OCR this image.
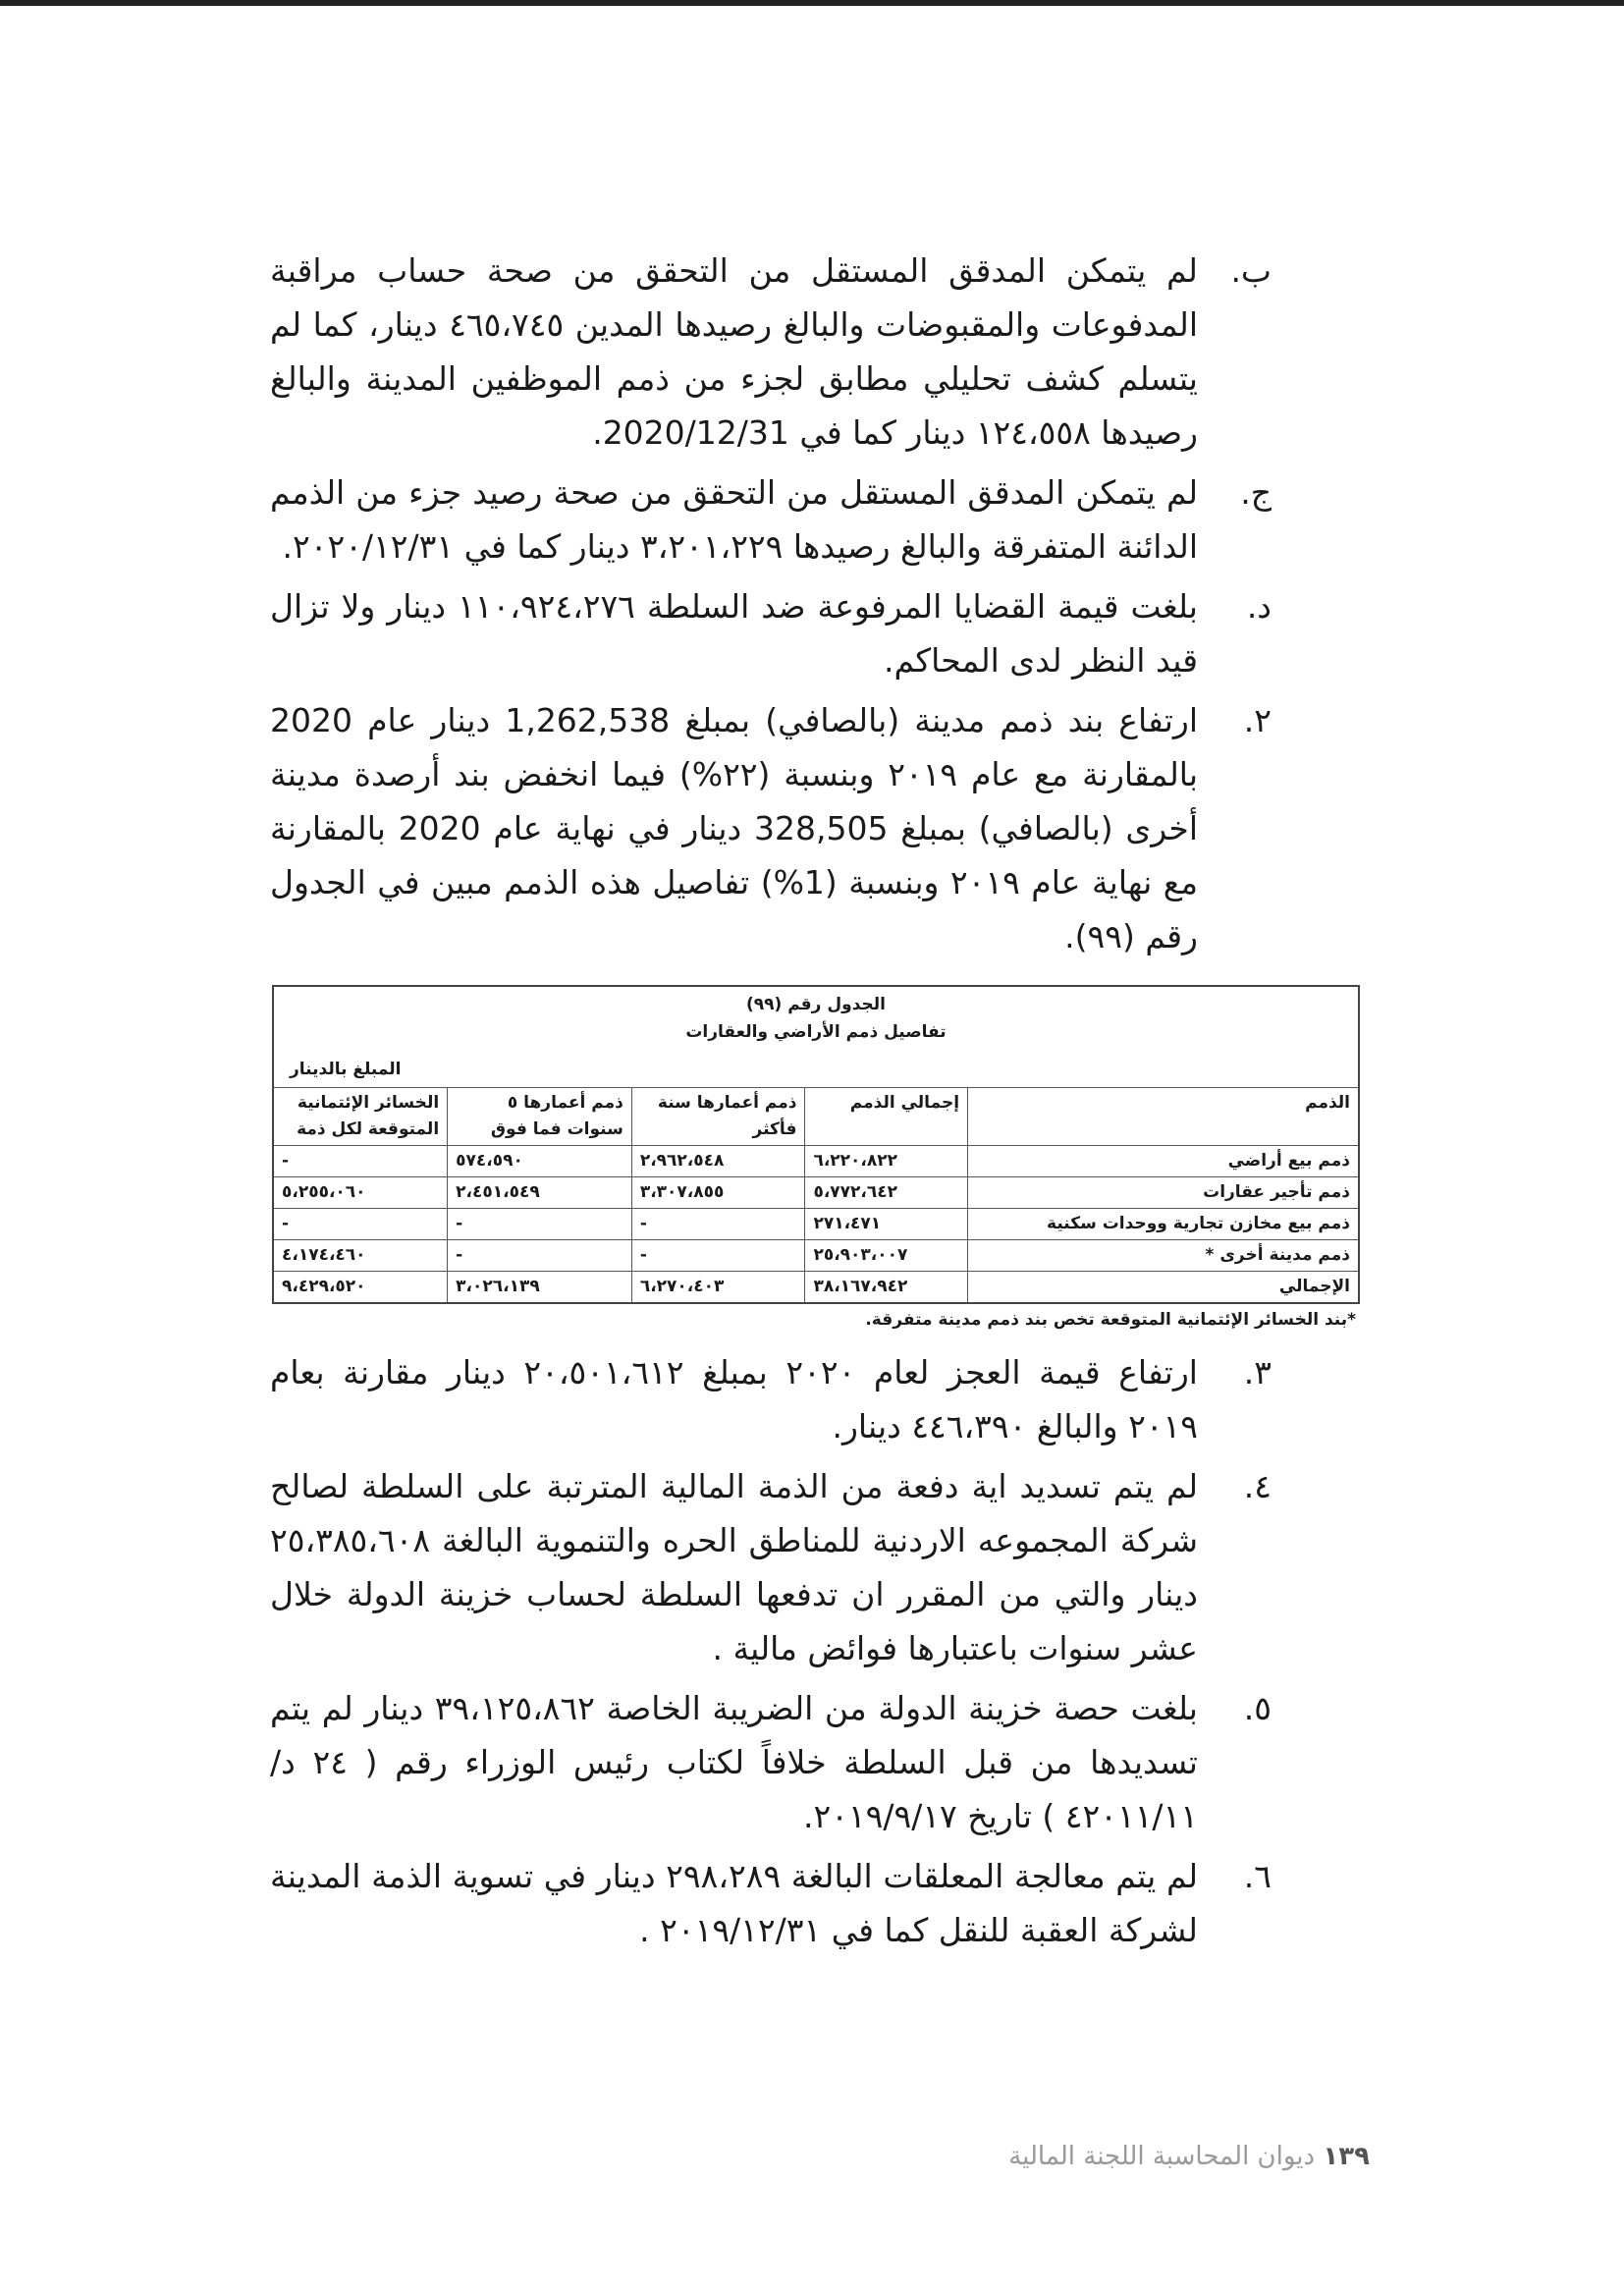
ب.
لم يتمكن المدقق المستقل من التحقق من صحة حساب مراقبة المدفوعات والمقبوضات والبالغ رصيدها المدين ٤٦٥،٧٤٥ دينار، كما لم يتسلم كشف تحليلي مطابق لجزء من ذمم الموظفين المدينة والبالغ رصيدها ١٢٤،٥٥٨ دينار كما في 2020/12/31.
ج.
لم يتمكن المدقق المستقل من التحقق من صحة رصيد جزء من الذمم الدائنة المتفرقة والبالغ رصيدها ٣،٢٠١،٢٢٩ دينار كما في ٢٠٢٠/١٢/٣١.
د.
بلغت قيمة القضايا المرفوعة ضد السلطة ١١٠،٩٢٤،٢٧٦ دينار ولا تزال قيد النظر لدى المحاكم.
٢.
ارتفاع بند ذمم مدينة (بالصافي) بمبلغ 1,262,538 دينار عام 2020 بالمقارنة مع عام ٢٠١٩ وبنسبة (٢٢%) فيما انخفض بند أرصدة مدينة أخرى (بالصافي) بمبلغ 328,505 دينار في نهاية عام 2020 بالمقارنة مع نهاية عام ٢٠١٩ وبنسبة (1%) تفاصيل هذه الذمم مبين في الجدول رقم (٩٩).
الجدول رقم (٩٩)
تفاصيل ذمم الأراضي والعقارات
المبلغ بالدينار
الذمم	إجمالي الذمم	ذمم أعمارها سنة فأكثر	ذمم أعمارها ٥ سنوات فما فوق	الخسائر الإئتمانية المتوقعة لكل ذمة
ذمم بيع أراضي	٦،٢٢٠،٨٢٢	٢،٩٦٢،٥٤٨	٥٧٤،٥٩٠	-
ذمم تأجير عقارات	٥،٧٧٢،٦٤٢	٣،٣٠٧،٨٥٥	٢،٤٥١،٥٤٩	٥،٢٥٥،٠٦٠
ذمم بيع مخازن تجارية ووحدات سكنية	٢٧١،٤٧١	-	-	-
ذمم مدينة أخرى *	٢٥،٩٠٣،٠٠٧	-	-	٤،١٧٤،٤٦٠
الإجمالي	٣٨،١٦٧،٩٤٢	٦،٢٧٠،٤٠٣	٣،٠٢٦،١٣٩	٩،٤٢٩،٥٢٠
*بند الخسائر الإئتمانية المتوقعة تخص بند ذمم مدينة متفرقة.
٣.
ارتفاع قيمة العجز لعام ٢٠٢٠ بمبلغ ٢٠،٥٠١،٦١٢ دينار مقارنة بعام ٢٠١٩ والبالغ ٤٤٦،٣٩٠ دينار.
٤.
لم يتم تسديد اية دفعة من الذمة المالية المترتبة على السلطة لصالح شركة المجموعه الاردنية للمناطق الحره والتنموية البالغة ٢٥،٣٨٥،٦٠٨ دينار والتي من المقرر ان تدفعها السلطة لحساب خزينة الدولة خلال عشر سنوات باعتبارها فوائض مالية .
٥.
بلغت حصة خزينة الدولة من الضريبة الخاصة ٣٩،١٢٥،٨٦٢ دينار لم يتم تسديدها من قبل السلطة خلافاً لكتاب رئيس الوزراء رقم ( ٢٤ د/ ٤٢٠١١/١١ ) تاريخ ٢٠١٩/٩/١٧.
٦.
لم يتم معالجة المعلقات البالغة ٢٩٨،٢٨٩ دينار في تسوية الذمة المدينة لشركة العقبة للنقل كما في ٢٠١٩/١٢/٣١ .
١٣٩ ديوان المحاسبة اللجنة المالية
